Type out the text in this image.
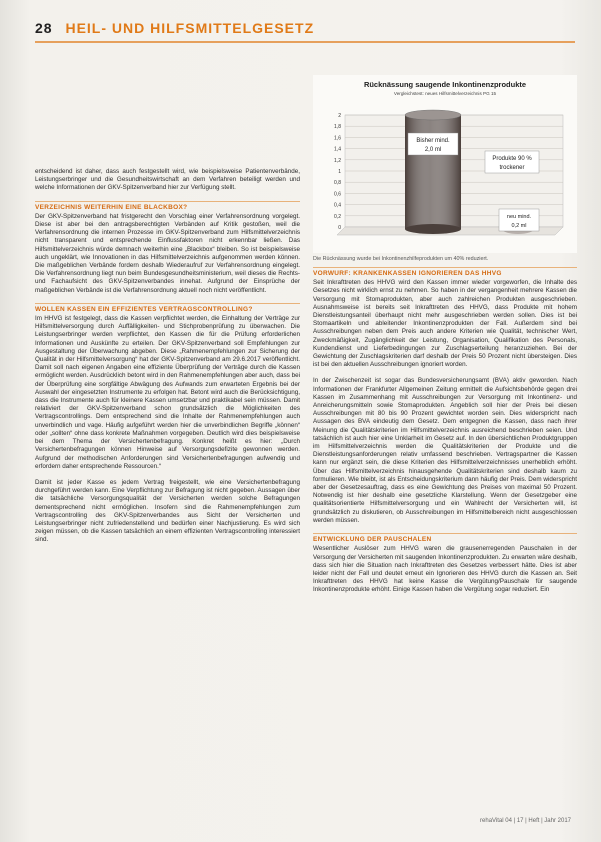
28 HEIL- UND HILFSMITTELGESETZ

entscheidend ist daher, dass auch festgestellt wird, wie beispielsweise Patientenverbände, Leistungserbringer und die Gesundheitswirtschaft an dem Verfahren beteiligt werden und welche Informationen der GKV-Spitzenverband hier zur Verfügung stellt.

VERZEICHNIS WEITERHIN EINE BLACKBOX?

Der GKV-Spitzenverband hat fristgerecht den Vorschlag einer Verfahrensordnung vorgelegt. Diese ist aber bei den antragsberechtigten Verbänden auf Kritik gestoßen, weil die Verfahrensordnung die internen Prozesse im GKV-Spitzenverband zum Hilfsmittelverzeichnis nicht transparent und entsprechende Einflussfaktoren nicht erkennbar ließen. Das Hilfsmittelverzeichnis würde demnach weiterhin eine „Blackbox“ bleiben. So ist beispielsweise auch ungeklärt, wie Innovationen in das Hilfsmittelverzeichnis aufgenommen werden können. Die maßgeblichen Verbände fordern deshalb Wiederaufruf zur Verfahrensordnung eingelegt. Die Verfahrensordnung liegt nun beim Bundesgesundheitsministerium, weil dieses die Rechts- und Fachaufsicht des GKV-Spitzenverbandes innehat. Aufgrund der Einsprüche der maßgeblichen Verbände ist die Verfahrensordnung aktuell noch nicht veröffentlicht.

WOLLEN KASSEN EIN EFFIZIENTES VERTRAGSCONTROLLING?

Im HHVG ist festgelegt, dass die Kassen verpflichtet werden, die Einhaltung der Verträge zur Hilfsmittelversorgung durch Auffälligkeiten- und Stichprobenprüfung zu überwachen. Die Leistungserbringer werden verpflichtet, den Kassen die für die Prüfung erforderlichen Informationen und Auskünfte zu erteilen. Der GKV-Spitzenverband soll Empfehlungen zur Ausgestaltung der Überwachung abgeben. Diese „Rahmenempfehlungen zur Sicherung der Qualität in der Hilfsmittelversorgung“ hat der GKV-Spitzenverband am 29.6.2017 veröffentlicht. Damit soll nach eigenen Angaben eine effiziente Überprüfung der Verträge durch die Kassen ermöglicht werden. Ausdrücklich betont wird in den Rahmenempfehlungen aber auch, dass bei der Überprüfung eine sorgfältige Abwägung des Aufwands zum erwarteten Ergebnis bei der Auswahl der eingesetzten Instrumente zu erfolgen hat. Betont wird auch die Berücksichtigung, dass die Instrumente auch für kleinere Kassen umsetzbar und praktikabel sein müssen. Damit relativiert der GKV-Spitzenverband schon grundsätzlich die Möglichkeiten des Vertragscontrollings. Dem entsprechend sind die Inhalte der Rahmenempfehlungen auch unverbindlich und vage. Häufig aufgeführt werden hier die unverbindlichen Begriffe „können“ oder „sollten“ ohne dass konkrete Maßnahmen vorgegeben. Deutlich wird dies beispielsweise bei dem Thema der Versichertenbefragung. Konkret heißt es hier: „Durch Versichertenbefragungen können Hinweise auf Versorgungsdefizite gewonnen werden. Aufgrund der methodischen Anforderungen sind Versichertenbefragungen aufwendig und erfordern daher entsprechende Ressourcen.“

Damit ist jeder Kasse es jedem Vertrag freigestellt, wie eine Versichertenbefragung durchgeführt werden kann. Eine Verpflichtung zur Befragung ist nicht gegeben. Aussagen über die tatsächliche Versorgungsqualität der Versicherten werden solche Befragungen dementsprechend nicht ermöglichen. Insofern sind die Rahmenempfehlungen zum Vertragscontrolling des GKV-Spitzenverbandes aus Sicht der Versicherten und Leistungserbringer nicht zufriedenstellend und bedürfen einer Nachjustierung. Es wird sich zeigen müssen, ob die Kassen tatsächlich an einem effizienten Vertragscontrolling interessiert sind.

Rücknässung saugende Inkontinenzprodukte
Vergleichstest: neues Hilfsmittelverzeichnis PG 15
0
0,2
0,4
0,6
0,8
1
1,2
1,4
1,6
1,8
2
Bisher mind.
2,0 ml
neu mind.
0,2 ml
Produkte 90 %
trockener
Die Rücknässung wurde bei Inkontinenzhilfeprodukten um 40% reduziert.
VORWURF: KRANKENKASSEN IGNORIEREN DAS HHVG

Seit Inkrafttreten des HHVG wird den Kassen immer wieder vorgeworfen, die Inhalte des Gesetzes nicht wirklich ernst zu nehmen. So haben in der vergangenheit mehrere Kassen die Versorgung mit Stomaprodukten, aber auch zahlreichen Produkten ausgeschrieben. Ausnahmsweise ist bereits seit Inkrafttreten des HHVG, dass Produkte mit hohem Dienstleistungsanteil überhaupt nicht mehr ausgeschrieben werden sollen. Dies ist bei Stomaartikeln und ableitender Inkontinenzprodukten der Fall. Außerdem sind bei Ausschreibungen neben dem Preis auch andere Kriterien wie Qualität, technischer Wert, Zweckmäßigkeit, Zugänglichkeit der Leistung, Organisation, Qualifikation des Personals, Kundendienst und Lieferbedingungen zur Zuschlagserteilung heranzuziehen. Bei der Gewichtung der Zuschlagskriterien darf deshalb der Preis 50 Prozent nicht übersteigen. Dies ist bei den aktuellen Ausschreibungen ignoriert worden.

In der Zwischenzeit ist sogar das Bundesversicherungsamt (BVA) aktiv geworden. Nach Informationen der Frankfurter Allgemeinen Zeitung ermittelt die Aufsichtsbehörde gegen drei Kassen im Zusammenhang mit Ausschreibungen zur Versorgung mit Inkontinenz- und Anreicherungsmitteln sowie Stomaprodukten. Angeblich soll hier der Preis bei diesen Ausschreibungen mit 80 bis 90 Prozent gewichtet worden sein. Dies widerspricht nach Aussagen des BVA eindeutig dem Gesetz. Dem entgegnen die Kassen, dass nach ihrer Meinung die Qualitätskriterien im Hilfsmittelverzeichnis ausreichend beschrieben seien. Und tatsächlich ist auch hier eine Unklarheit im Gesetz auf. In den übersichtlichen Produktgruppen im Hilfsmittelverzeichnis werden die Qualitätskriterien der Produkte und die Dienstleistungsanforderungen relativ umfassend beschrieben. Vertragspartner die Kassen kann nur ergänzt sein, die diese Kriterien des Hilfsmittelverzeichnisses unerheblich erhöht. Über das Hilfsmittelverzeichnis hinausgehende Qualitätskriterien sind deshalb kaum zu formulieren. Wie bleibt, ist als Entscheidungskriterium dann häufig der Preis. Dem widerspricht aber der Gesetzesauftrag, dass es eine Gewichtung des Preises von maximal 50 Prozent. Notwendig ist hier deshalb eine gesetzliche Klarstellung. Wenn der Gesetzgeber eine qualitätsorientierte Hilfsmittelversorgung und ein Wahlrecht der Versicherten will, ist grundsätzlich zu diskutieren, ob Ausschreibungen im Hilfsmittelbereich nicht ausgeschlossen werden müssen.

ENTWICKLUNG DER PAUSCHALEN

Wesentlicher Auslöser zum HHVG waren die grausenerregenden Pauschalen in der Versorgung der Versicherten mit saugenden Inkontinenzprodukten. Zu erwarten wäre deshalb, dass sich hier die Situation nach Inkrafttreten des Gesetzes verbessert hätte. Dies ist aber leider nicht der Fall und deutet erneut ein Ignorieren des HHVG durch die Kassen an. Seit Inkrafttreten des HHVG hat keine Kasse die Vergütung/Pauschale für saugende Inkontinenzprodukte erhöht. Einige Kassen haben die Vergütung sogar reduziert. Ein

rehaVital 04 | 17 | Heft | Jahr 2017
